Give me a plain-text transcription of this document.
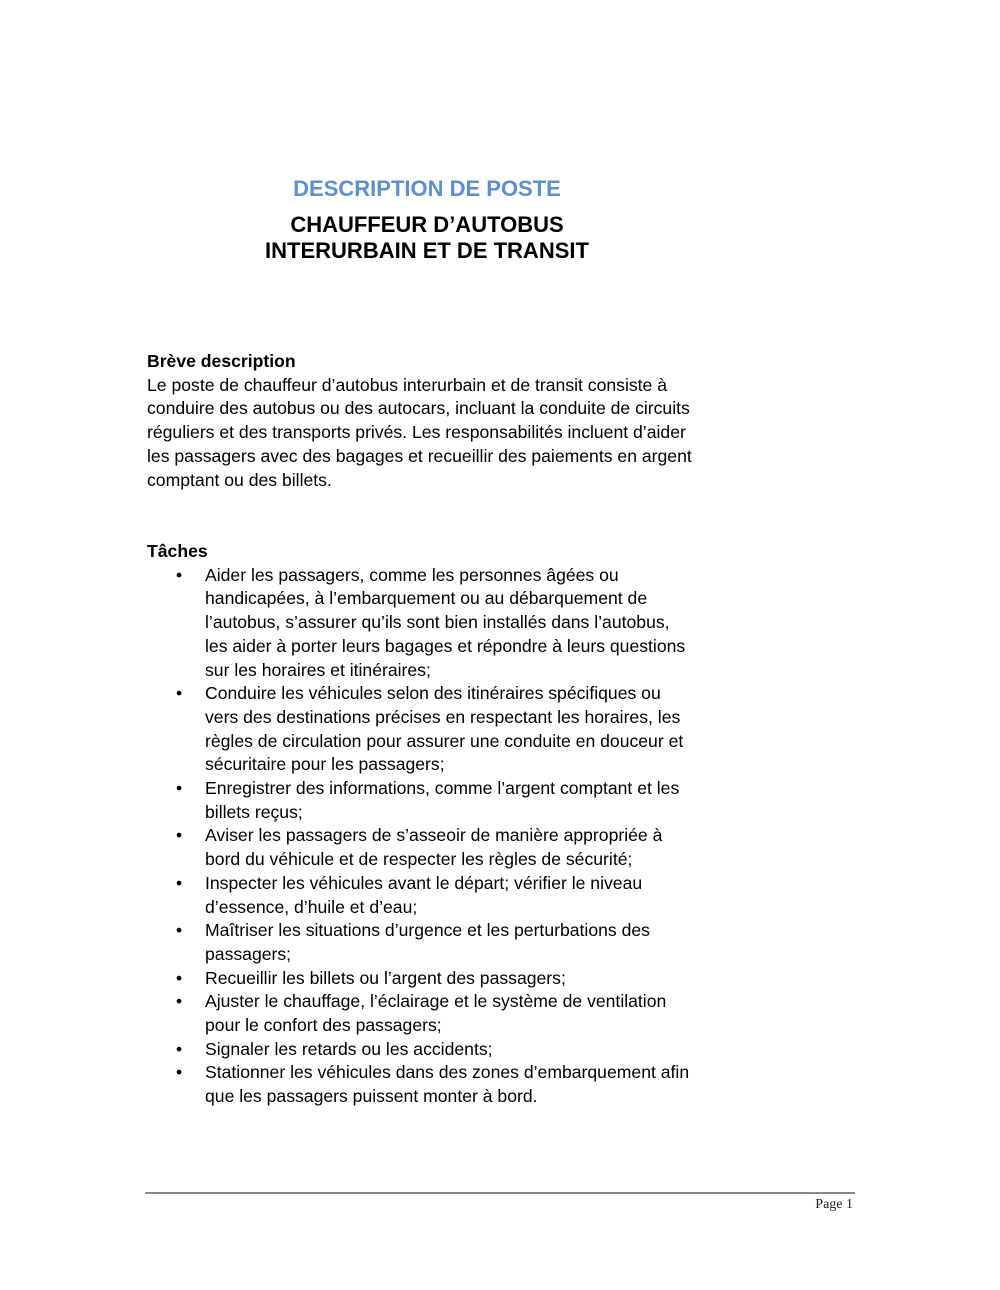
DESCRIPTION DE POSTE
CHAUFFEUR D’AUTOBUS
INTERURBAIN ET DE TRANSIT
Brève description
Le poste de chauffeur d’autobus interurbain et de transit consiste à
conduire des autobus ou des autocars, incluant la conduite de circuits
réguliers et des transports privés. Les responsabilités incluent d’aider
les passagers avec des bagages et recueillir des paiements en argent
comptant ou des billets.
Tâches
• Aider les passagers, comme les personnes âgées ou
handicapées, à l’embarquement ou au débarquement de
l’autobus, s’assurer qu’ils sont bien installés dans l’autobus,
les aider à porter leurs bagages et répondre à leurs questions
sur les horaires et itinéraires;
• Conduire les véhicules selon des itinéraires spécifiques ou
vers des destinations précises en respectant les horaires, les
règles de circulation pour assurer une conduite en douceur et
sécuritaire pour les passagers;
• Enregistrer des informations, comme l’argent comptant et les
billets reçus;
• Aviser les passagers de s’asseoir de manière appropriée à
bord du véhicule et de respecter les règles de sécurité;
• Inspecter les véhicules avant le départ; vérifier le niveau
d’essence, d’huile et d’eau;
• Maîtriser les situations d’urgence et les perturbations des
passagers;
• Recueillir les billets ou l’argent des passagers;
• Ajuster le chauffage, l’éclairage et le système de ventilation
pour le confort des passagers;
• Signaler les retards ou les accidents;
• Stationner les véhicules dans des zones d’embarquement afin
que les passagers puissent monter à bord.
Page 1
